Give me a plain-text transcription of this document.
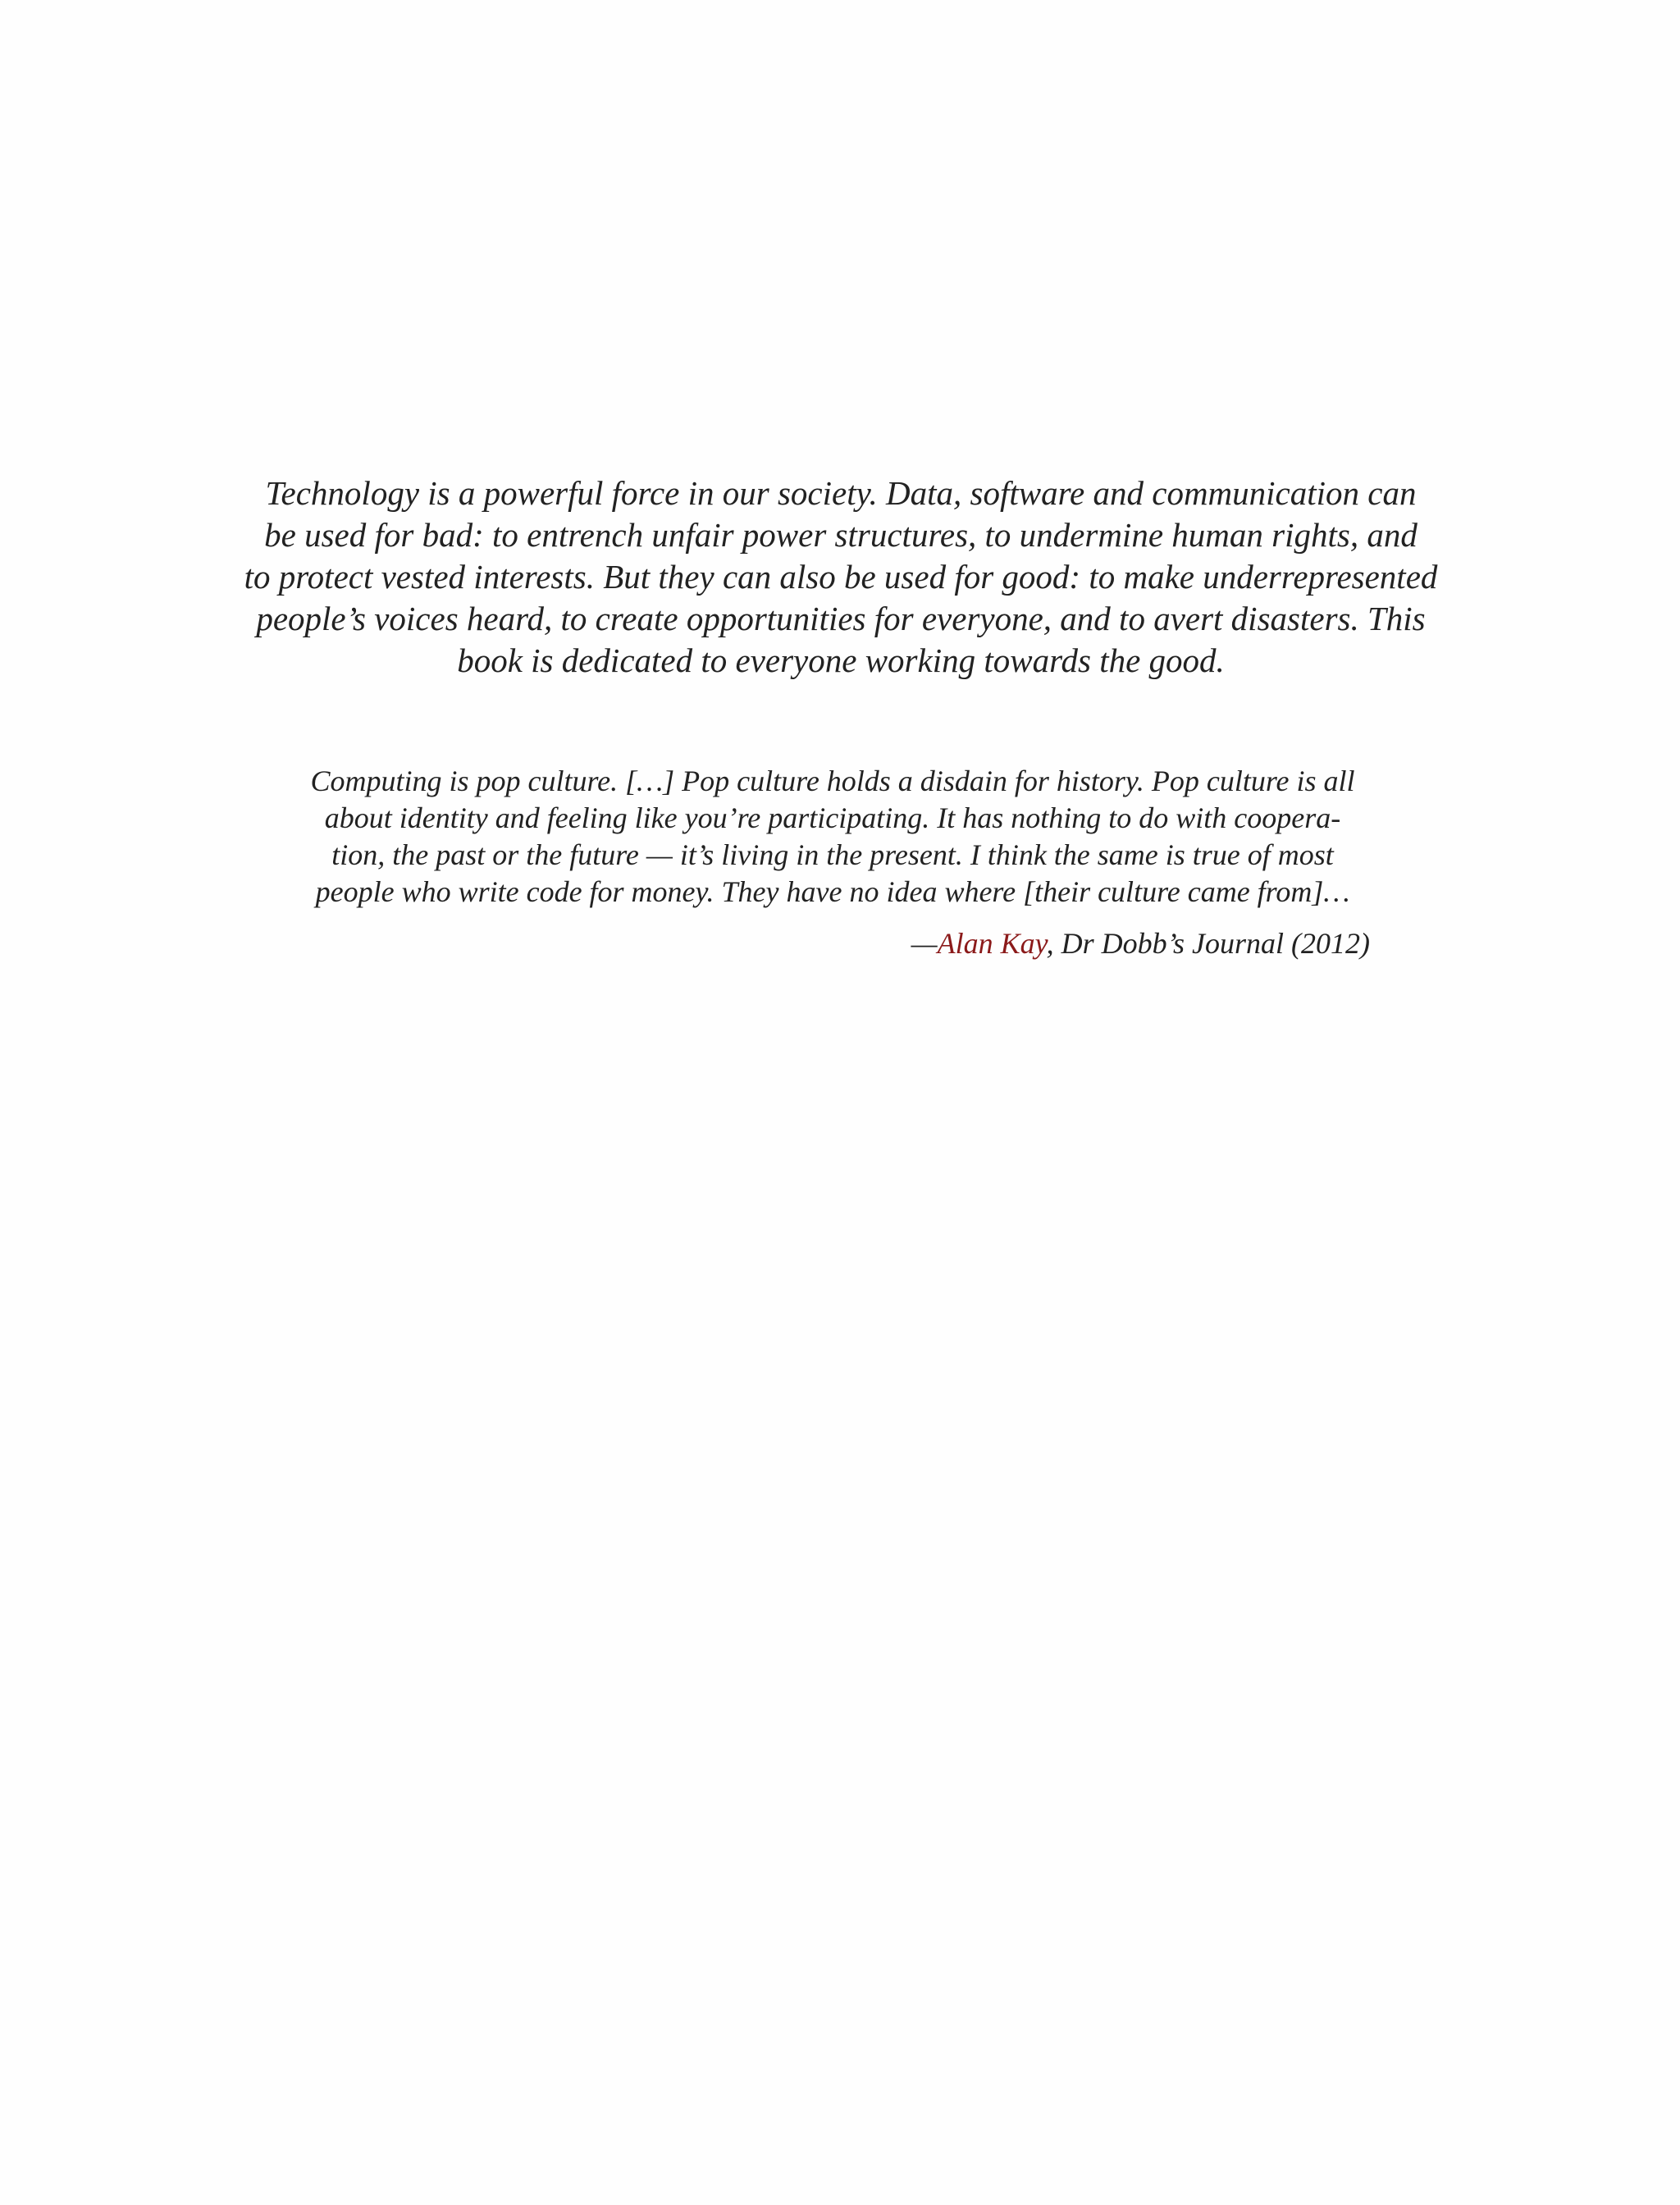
Technology is a powerful force in our society. Data, software and communication can
be used for bad: to entrench unfair power structures, to undermine human rights, and
to protect vested interests. But they can also be used for good: to make underrepresented
people’s voices heard, to create opportunities for everyone, and to avert disasters. This
book is dedicated to everyone working towards the good.
Computing is pop culture. […] Pop culture holds a disdain for history. Pop culture is all
about identity and feeling like you’re participating. It has nothing to do with coopera-
tion, the past or the future — it’s living in the present. I think the same is true of most
people who write code for money. They have no idea where [their culture came from]…
—Alan Kay, Dr Dobb’s Journal (2012)
